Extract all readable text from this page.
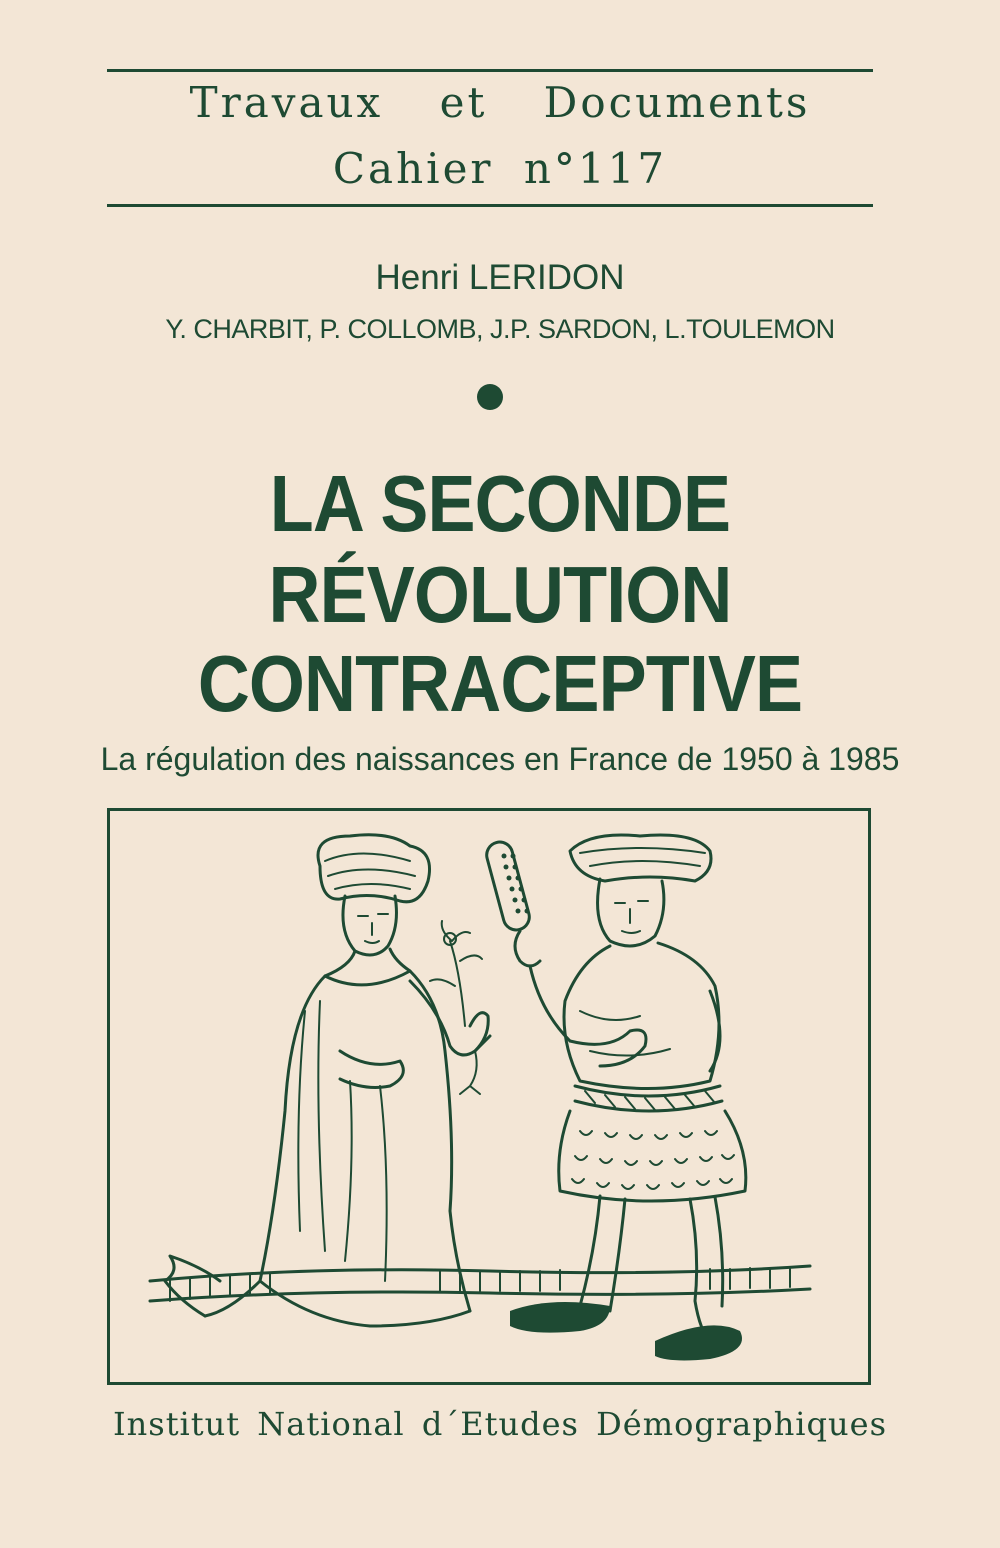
Travaux et Documents
Cahier n°117
Henri LERIDON
Y. CHARBIT, P. COLLOMB, J.P. SARDON, L.TOULEMON
LA SECONDE
RÉVOLUTION
CONTRACEPTIVE
La régulation des naissances en France de 1950 à 1985
Institut National d´Etudes Démographiques
